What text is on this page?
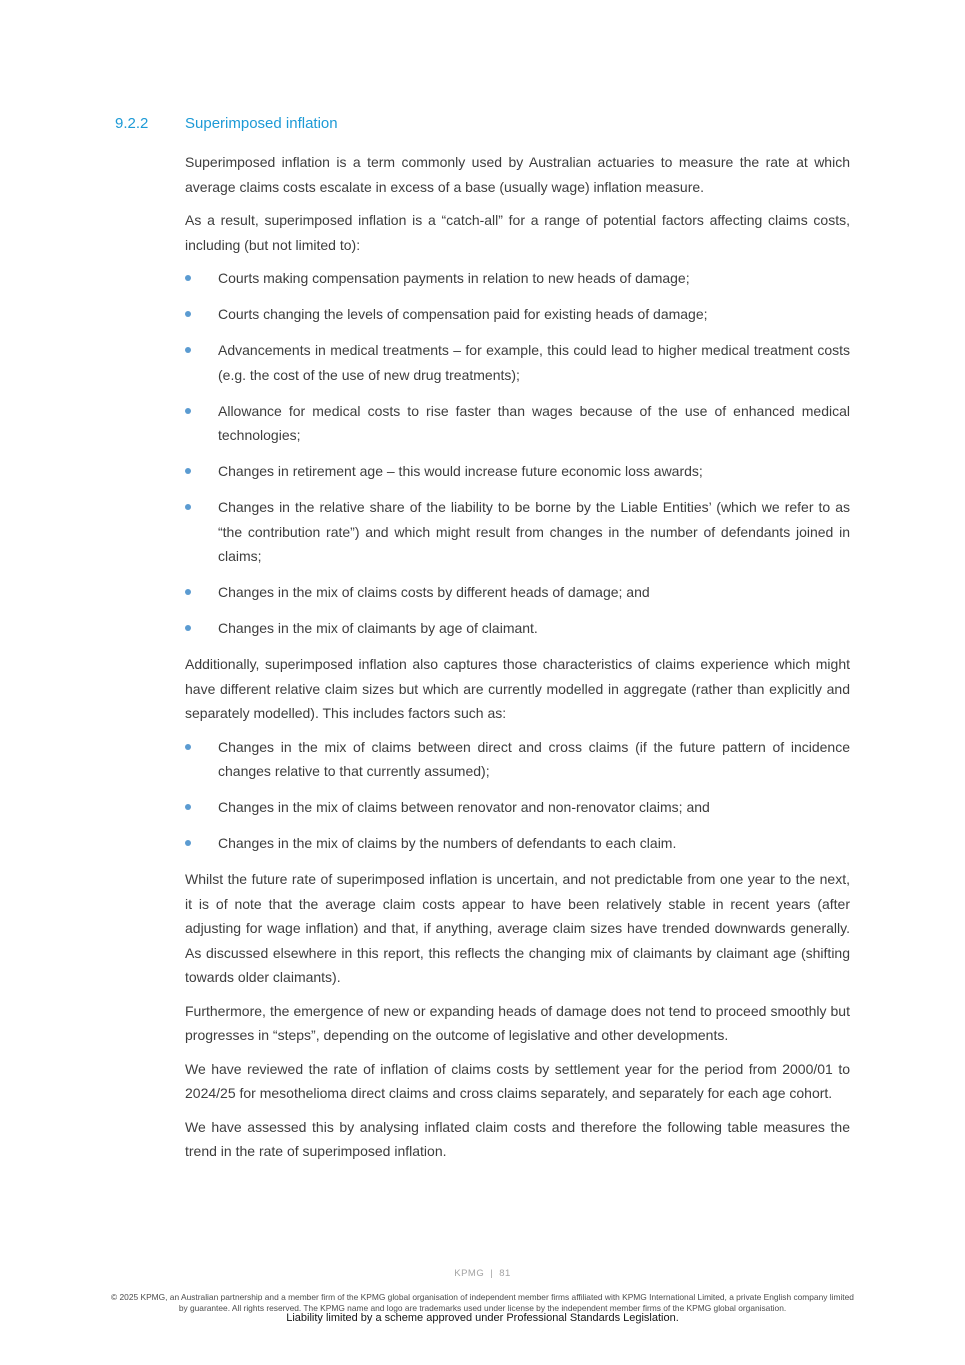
9.2.2	Superimposed inflation

Superimposed inflation is a term commonly used by Australian actuaries to measure the rate at which average claims costs escalate in excess of a base (usually wage) inflation measure.

As a result, superimposed inflation is a “catch-all” for a range of potential factors affecting claims costs, including (but not limited to):

Courts making compensation payments in relation to new heads of damage;
Courts changing the levels of compensation paid for existing heads of damage;
Advancements in medical treatments – for example, this could lead to higher medical treatment costs (e.g. the cost of the use of new drug treatments);
Allowance for medical costs to rise faster than wages because of the use of enhanced medical technologies;
Changes in retirement age – this would increase future economic loss awards;
Changes in the relative share of the liability to be borne by the Liable Entities’ (which we refer to as “the contribution rate”) and which might result from changes in the number of defendants joined in claims;
Changes in the mix of claims costs by different heads of damage; and
Changes in the mix of claimants by age of claimant.

Additionally, superimposed inflation also captures those characteristics of claims experience which might have different relative claim sizes but which are currently modelled in aggregate (rather than explicitly and separately modelled). This includes factors such as:

Changes in the mix of claims between direct and cross claims (if the future pattern of incidence changes relative to that currently assumed);
Changes in the mix of claims between renovator and non-renovator claims; and
Changes in the mix of claims by the numbers of defendants to each claim.

Whilst the future rate of superimposed inflation is uncertain, and not predictable from one year to the next, it is of note that the average claim costs appear to have been relatively stable in recent years (after adjusting for wage inflation) and that, if anything, average claim sizes have trended downwards generally. As discussed elsewhere in this report, this reflects the changing mix of claimants by claimant age (shifting towards older claimants).

Furthermore, the emergence of new or expanding heads of damage does not tend to proceed smoothly but progresses in “steps”, depending on the outcome of legislative and other developments.

We have reviewed the rate of inflation of claims costs by settlement year for the period from 2000/01 to 2024/25 for mesothelioma direct claims and cross claims separately, and separately for each age cohort.

We have assessed this by analysing inflated claim costs and therefore the following table measures the trend in the rate of superimposed inflation.

KPMG | 81
© 2025 KPMG, an Australian partnership and a member firm of the KPMG global organisation of independent member firms affiliated with KPMG International Limited, a private English company limited by guarantee. All rights reserved. The KPMG name and logo are trademarks used under license by the independent member firms of the KPMG global organisation.
Liability limited by a scheme approved under Professional Standards Legislation.
